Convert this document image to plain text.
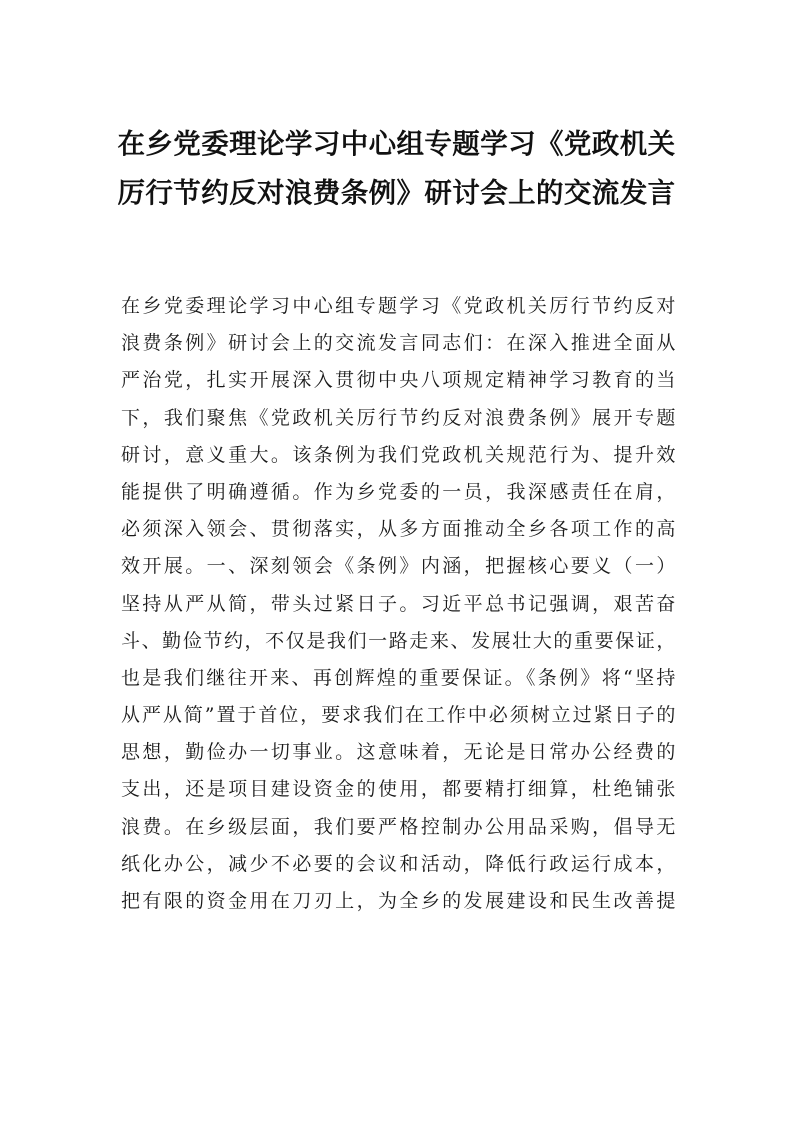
在乡党委理论学习中心组专题学习《党政机关厉行节约反对浪费条例》研讨会上的交流发言
在乡党委理论学习中心组专题学习《党政机关厉行节约反对
浪费条例》研讨会上的交流发言同志们：在深入推进全面从
严治党，扎实开展深入贯彻中央八项规定精神学习教育的当
下，我们聚焦《党政机关厉行节约反对浪费条例》展开专题
研讨，意义重大。该条例为我们党政机关规范行为、提升效
能提供了明确遵循。作为乡党委的一员，我深感责任在肩，
必须深入领会、贯彻落实，从多方面推动全乡各项工作的高
效开展。一、深刻领会《条例》内涵，把握核心要义（一）
坚持从严从简，带头过紧日子。习近平总书记强调，艰苦奋
斗、勤俭节约，不仅是我们一路走来、发展壮大的重要保证，
也是我们继往开来、再创辉煌的重要保证。《条例》将“坚持
从严从简”置于首位，要求我们在工作中必须树立过紧日子的
思想，勤俭办一切事业。这意味着，无论是日常办公经费的
支出，还是项目建设资金的使用，都要精打细算，杜绝铺张
浪费。在乡级层面，我们要严格控制办公用品采购，倡导无
纸化办公，减少不必要的会议和活动，降低行政运行成本，
把有限的资金用在刀刃上，为全乡的发展建设和民生改善提
